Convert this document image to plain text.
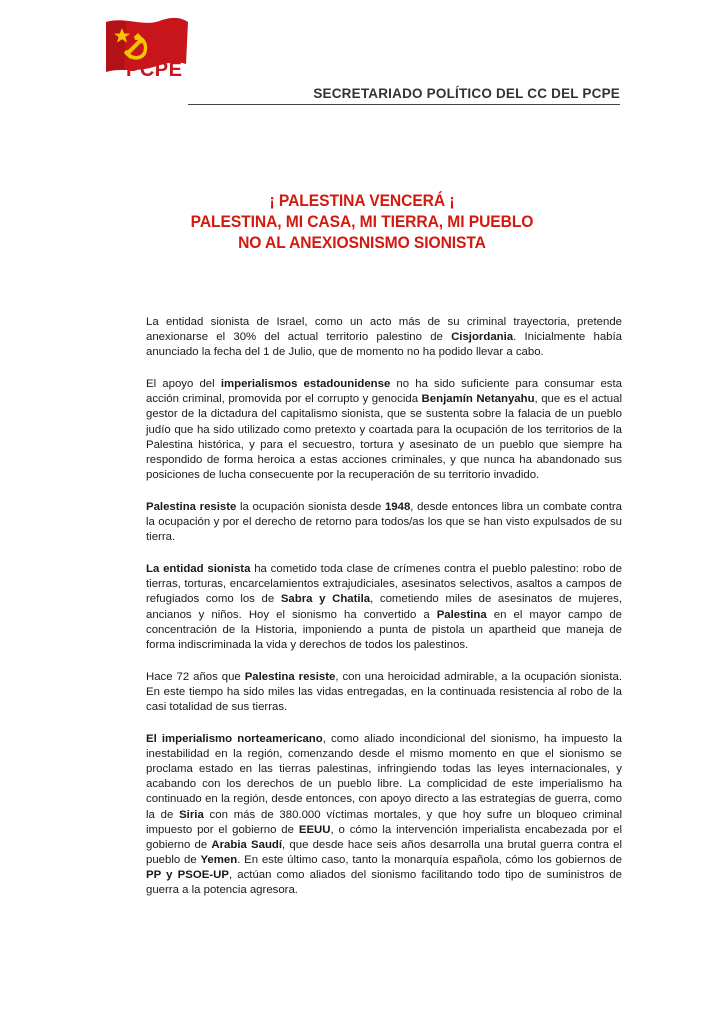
PCPE
SECRETARIADO POLÍTICO DEL CC DEL PCPE
¡ PALESTINA VENCERÁ ¡
PALESTINA, MI CASA, MI TIERRA, MI PUEBLO
NO AL ANEXIOSNISMO SIONISTA

La entidad sionista de Israel, como un acto más de su criminal trayectoria, pretende anexionarse el 30% del actual territorio palestino de Cisjordania. Inicialmente había anunciado la fecha del 1 de Julio, que de momento no ha podido llevar a cabo.

El apoyo del imperialismos estadounidense no ha sido suficiente para consumar esta acción criminal, promovida por el corrupto y genocida Benjamín Netanyahu, que es el actual gestor de la dictadura del capitalismo sionista, que se sustenta sobre la falacia de un pueblo judío que ha sido utilizado como pretexto y coartada para la ocupación de los territorios de la Palestina histórica, y para el secuestro, tortura y asesinato de un pueblo que siempre ha respondido de forma heroica a estas acciones criminales, y que nunca ha abandonado sus posiciones de lucha consecuente por la recuperación de su territorio invadido.

Palestina resiste la ocupación sionista desde 1948, desde entonces libra un combate contra la ocupación y por el derecho de retorno para todos/as los que se han visto expulsados de su tierra.

La entidad sionista ha cometido toda clase de crímenes contra el pueblo palestino: robo de tierras, torturas, encarcelamientos extrajudiciales, asesinatos selectivos, asaltos a campos de refugiados como los de Sabra y Chatila, cometiendo miles de asesinatos de mujeres, ancianos y niños. Hoy el sionismo ha convertido a Palestina en el mayor campo de concentración de la Historia, imponiendo a punta de pistola un apartheid que maneja de forma indiscriminada la vida y derechos de todos los palestinos.

Hace 72 años que Palestina resiste, con una heroicidad admirable, a la ocupación sionista. En este tiempo ha sido miles las vidas entregadas, en la continuada resistencia al robo de la casi totalidad de sus tierras.

El imperialismo norteamericano, como aliado incondicional del sionismo, ha impuesto la inestabilidad en la región, comenzando desde el mismo momento en que el sionismo se proclama estado en las tierras palestinas, infringiendo todas las leyes internacionales, y acabando con los derechos de un pueblo libre. La complicidad de este imperialismo ha continuado en la región, desde entonces, con apoyo directo a las estrategias de guerra, como la de Siria con más de 380.000 víctimas mortales, y que hoy sufre un bloqueo criminal impuesto por el gobierno de EEUU, o cómo la intervención imperialista encabezada por el gobierno de Arabia Saudí, que desde hace seis años desarrolla una brutal guerra contra el pueblo de Yemen. En este último caso, tanto la monarquía española, cómo los gobiernos de PP y PSOE-UP, actúan como aliados del sionismo facilitando todo tipo de suministros de guerra a la potencia agresora.
